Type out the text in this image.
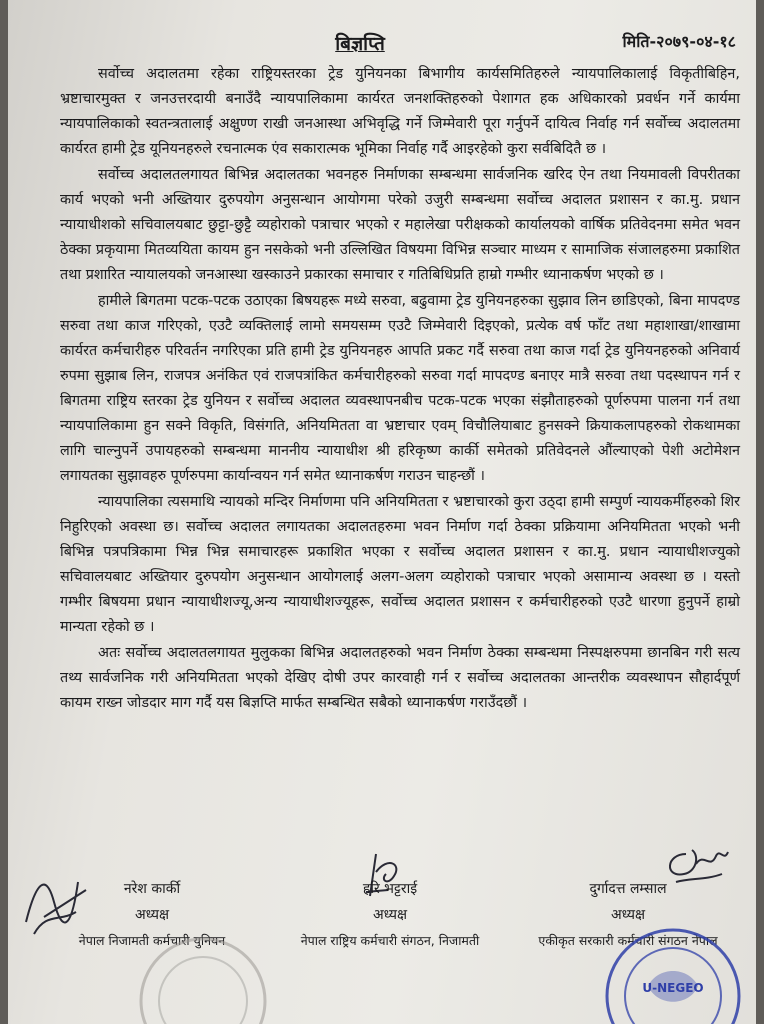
बिज्ञप्ति	मिति-२०७९-०४-१८

सर्वोच्च अदालतमा रहेका राष्ट्रियस्तरका ट्रेड युनियनका बिभागीय कार्यसमितिहरुले न्यायपालिकालाई विकृतीबिहिन, भ्रष्टाचारमुक्त र जनउत्तरदायी बनाउँदै न्यायपालिकामा कार्यरत जनशक्तिहरुको पेशागत हक अधिकारको प्रवर्धन गर्ने कार्यमा न्यायपालिकाको स्वतन्त्रतालाई अक्षुण्ण राखी जनआस्था अभिवृद्धि गर्ने जिम्मेवारी पूरा गर्नुपर्ने दायित्व निर्वाह गर्न सर्वोच्च अदालतमा कार्यरत हामी ट्रेड यूनियनहरुले रचनात्मक एंव सकारात्मक भूमिका निर्वाह गर्दै आइरहेको कुरा सर्वबिदितै छ ।

सर्वोच्च अदालतलगायत बिभिन्न अदालतका भवनहरु निर्माणका सम्बन्धमा सार्वजनिक खरिद ऐन तथा नियमावली विपरीतका कार्य भएको भनी अख्तियार दुरुपयोग अनुसन्धान आयोगमा परेको उजुरी सम्बन्धमा सर्वोच्च अदालत प्रशासन र का.मु. प्रधान न्यायाधीशको सचिवालयबाट छुट्टा-छुट्टै व्यहोराको पत्राचार भएको र महालेखा परीक्षकको कार्यालयको वार्षिक प्रतिवेदनमा समेत भवन ठेक्का प्रकृयामा मितव्ययिता कायम हुन नसकेको भनी उल्लिखित विषयमा विभिन्न सञ्चार माध्यम र सामाजिक संजालहरुमा प्रकाशित तथा प्रशारित न्यायालयको जनआस्था खस्काउने प्रकारका समाचार र गतिबिधिप्रति हाम्रो गम्भीर ध्यानाकर्षण भएको छ ।

हामीले बिगतमा पटक-पटक उठाएका बिषयहरू मध्ये सरुवा, बढुवामा ट्रेड युनियनहरुका सुझाव लिन छाडिएको, बिना मापदण्ड सरुवा तथा काज गरिएको, एउटै व्यक्तिलाई लामो समयसम्म एउटै जिम्मेवारी दिइएको, प्रत्येक वर्ष फाँट तथा महाशाखा/शाखामा कार्यरत कर्मचारीहरु परिवर्तन नगरिएका प्रति हामी ट्रेड युनियनहरु आपति प्रकट गर्दै सरुवा तथा काज गर्दा ट्रेड युनियनहरुको अनिवार्य रुपमा सुझाब लिन, राजपत्र अनंकित एवं राजपत्रांकित कर्मचारीहरुको सरुवा गर्दा मापदण्ड बनाएर मात्रै सरुवा तथा पदस्थापन गर्न र बिगतमा राष्ट्रिय स्तरका ट्रेड युनियन र सर्वोच्च अदालत व्यवस्थापनबीच पटक-पटक भएका संझौताहरुको पूर्णरुपमा पालना गर्न तथा न्यायपालिकामा हुन सक्ने विकृति, विसंगति, अनियमितता वा भ्रष्टाचार एवम् विचौलियाबाट हुनसक्ने क्रियाकलापहरुको रोकथामका लागि चाल्नुपर्ने उपायहरुको सम्बन्धमा माननीय न्यायाधीश श्री हरिकृष्ण कार्की समेतको प्रतिवेदनले औंल्याएको पेशी अटोमेशन लगायतका सुझावहरु पूर्णरुपमा कार्यान्वयन गर्न समेत ध्यानाकर्षण गराउन चाहन्छौं ।

न्यायपालिका त्यसमाथि न्यायको मन्दिर निर्माणमा पनि अनियमितता र भ्रष्टाचारको कुरा उठ्दा हामी सम्पुर्ण न्यायकर्मीहरुको शिर निहुरिएको अवस्था छ। सर्वोच्च अदालत लगायतका अदालतहरुमा भवन निर्माण गर्दा ठेक्का प्रक्रियामा अनियमितता भएको भनी बिभिन्न पत्रपत्रिकामा भिन्न भिन्न समाचारहरू प्रकाशित भएका र सर्वोच्च अदालत प्रशासन र का.मु. प्रधान न्यायाधीशज्युको सचिवालयबाट अख्तियार दुरुपयोग अनुसन्धान आयोगलाई अलग-अलग व्यहोराको पत्राचार भएको असामान्य अवस्था छ । यस्तो गम्भीर बिषयमा प्रधान न्यायाधीशज्यू,अन्य न्यायाधीशज्यूहरू, सर्वोच्च अदालत प्रशासन र कर्मचारीहरुको एउटै धारणा हुनुपर्ने हाम्रो मान्यता रहेको छ ।

अतः सर्वोच्च अदालतलगायत मुलुकका बिभिन्न अदालतहरुको भवन निर्माण ठेक्का सम्बन्धमा निस्पक्षरुपमा छानबिन गरी सत्य तथ्य सार्वजनिक गरी अनियमितता भएको देखिए दोषी उपर कारवाही गर्न र सर्वोच्च अदालतका आन्तरीक व्यवस्थापन सौहार्दपूर्ण कायम राख्न जोडदार माग गर्दै यस बिज्ञप्ति मार्फत सम्बन्धित सबैको ध्यानाकर्षण गराउँदछौं ।

नरेश कार्की
अध्यक्ष
नेपाल निजामती कर्मचारी युनियन
हरि भट्टराई
अध्यक्ष
नेपाल राष्ट्रिय कर्मचारी संगठन, निजामती
दुर्गादत्त लम्साल
अध्यक्ष
एकीकृत सरकारी कर्मचारी संगठन नेपाल
U-NEGEO
